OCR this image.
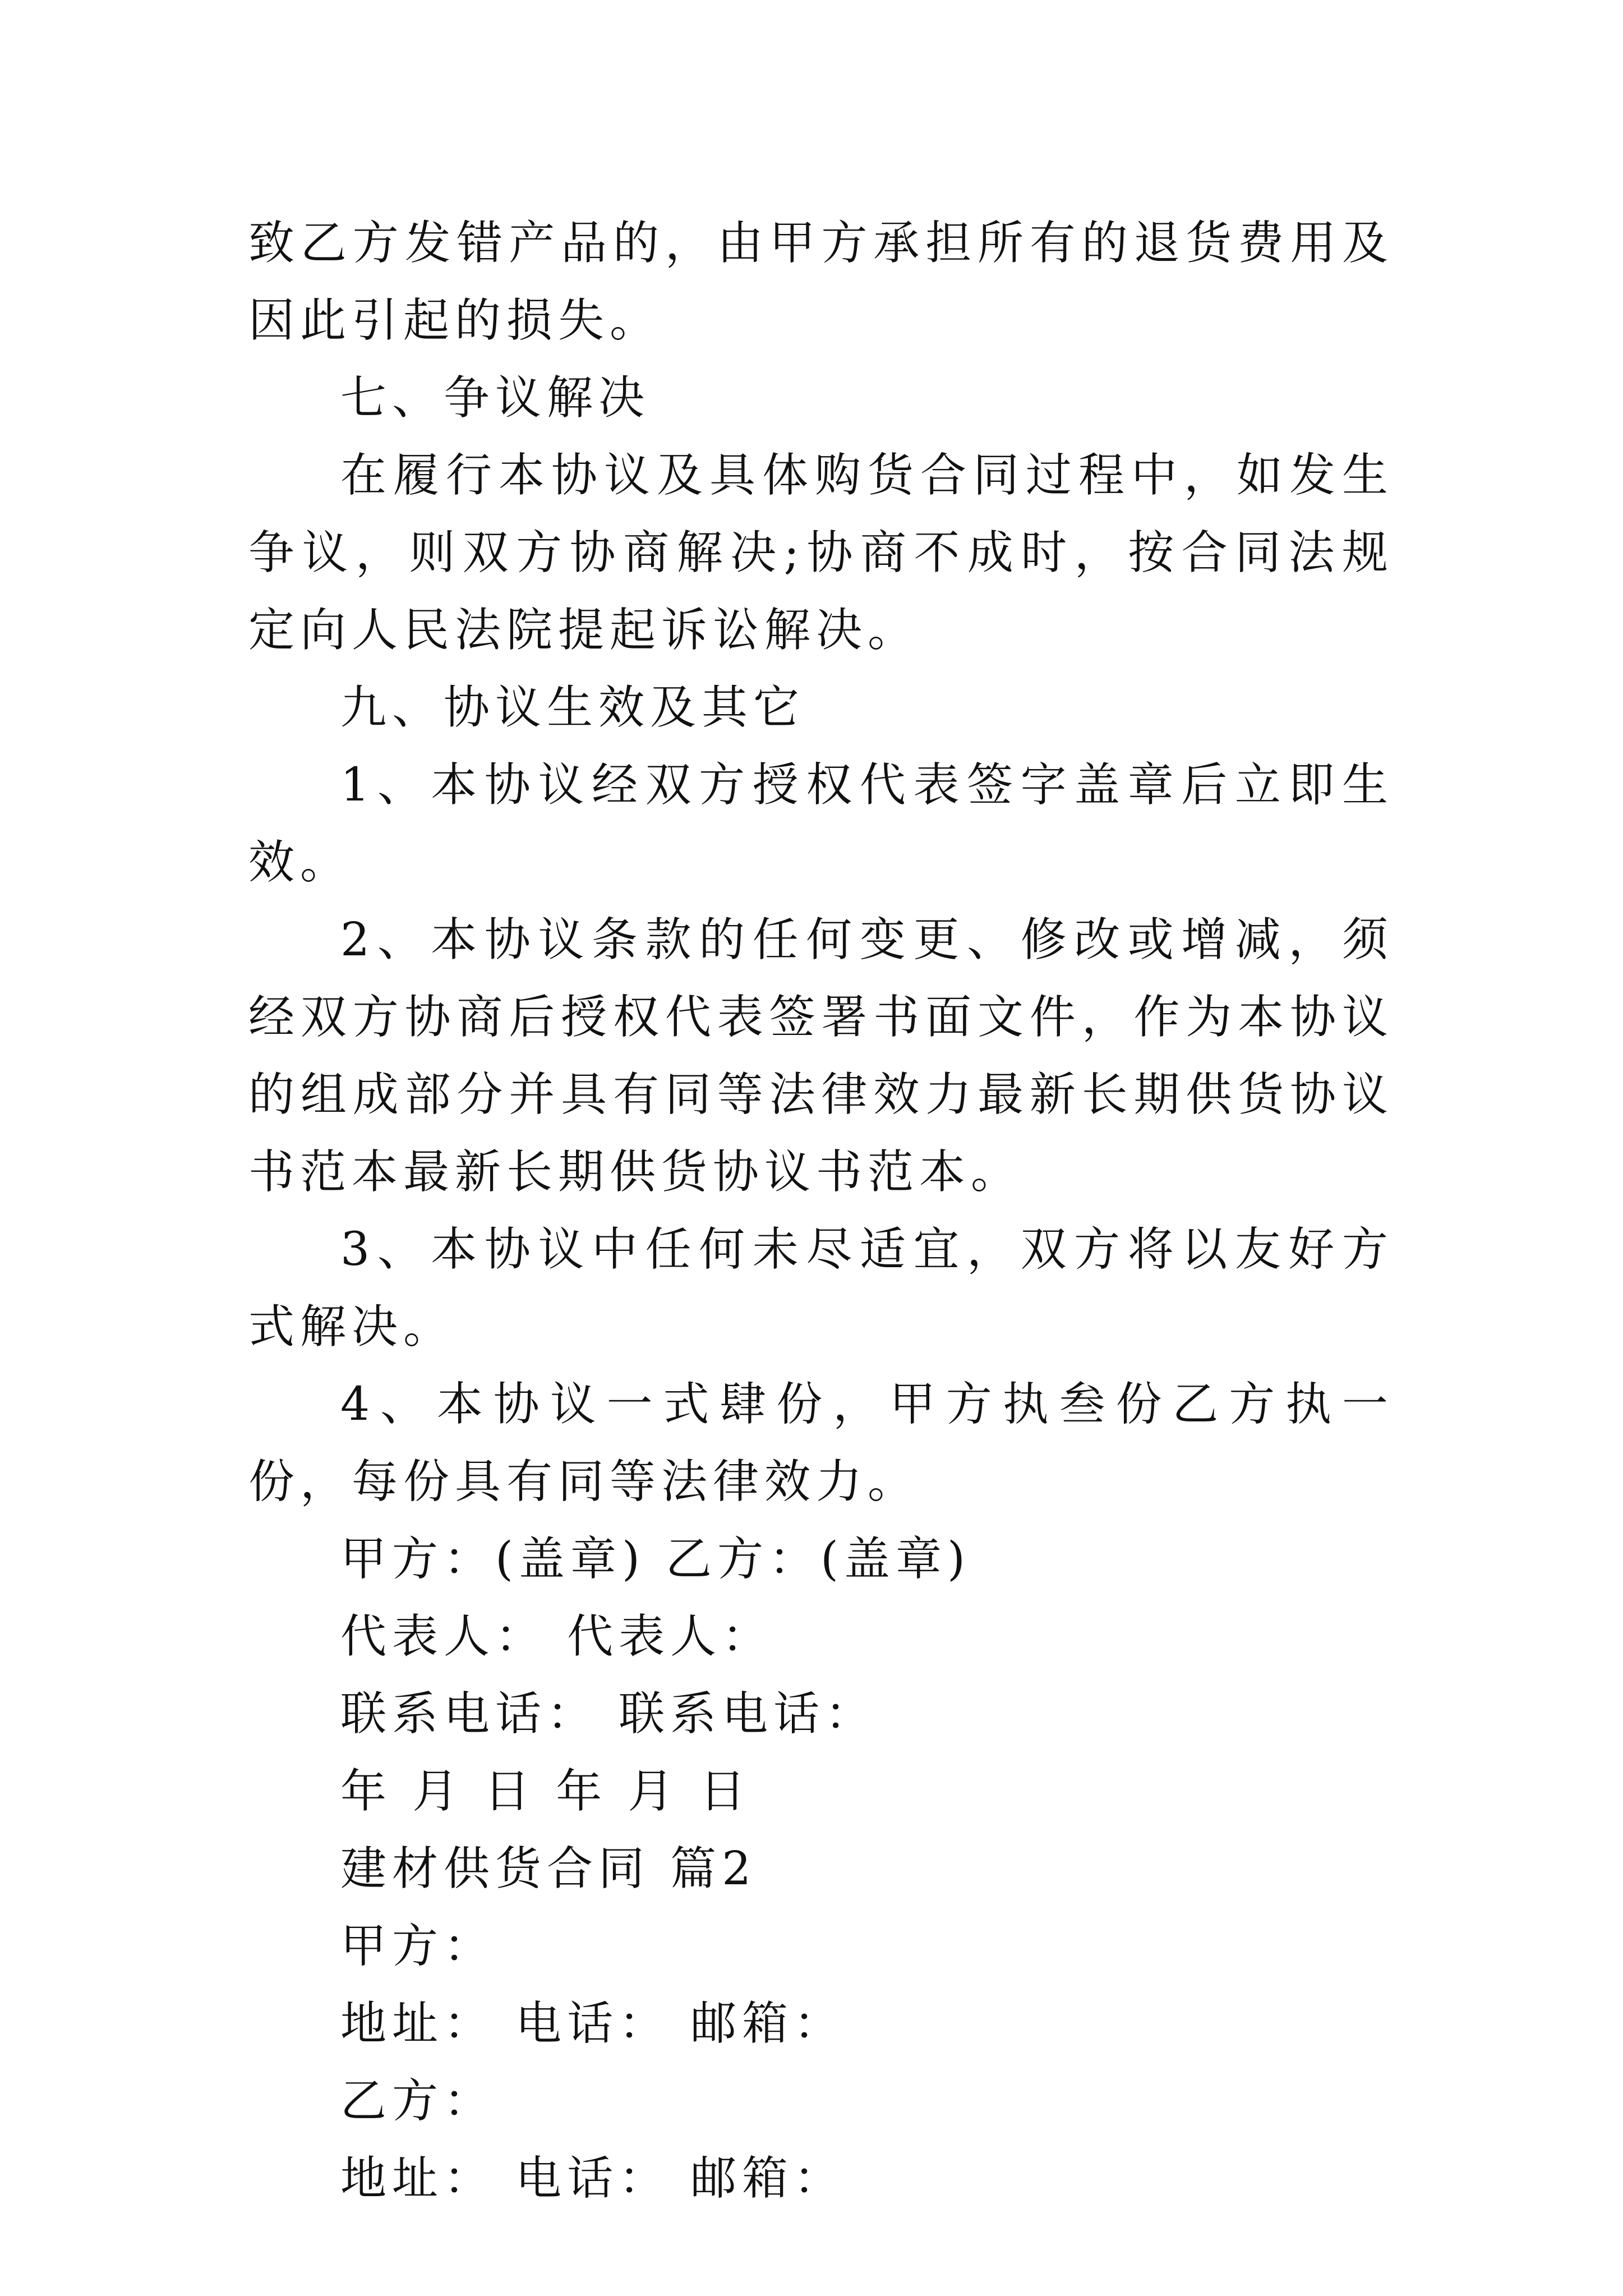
致乙方发错产品的，由甲方承担所有的退货费用及因此引起的损失。

七、争议解决

在履行本协议及具体购货合同过程中，如发生争议，则双方协商解决;协商不成时，按合同法规定向人民法院提起诉讼解决。

九、协议生效及其它

1、本协议经双方授权代表签字盖章后立即生效。

2、本协议条款的任何变更、修改或增减，须经双方协商后授权代表签署书面文件，作为本协议的组成部分并具有同等法律效力最新长期供货协议书范本最新长期供货协议书范本。

3、本协议中任何未尽适宜，双方将以友好方式解决。

4、本协议一式肆份，甲方执叁份乙方执一份，每份具有同等法律效力。

甲方：(盖章) 乙方：(盖章)

代表人： 代表人：

联系电话： 联系电话：

年 月 日 年 月 日

建材供货合同 篇2

甲方：

地址： 电话： 邮箱：

乙方：

地址： 电话： 邮箱：
